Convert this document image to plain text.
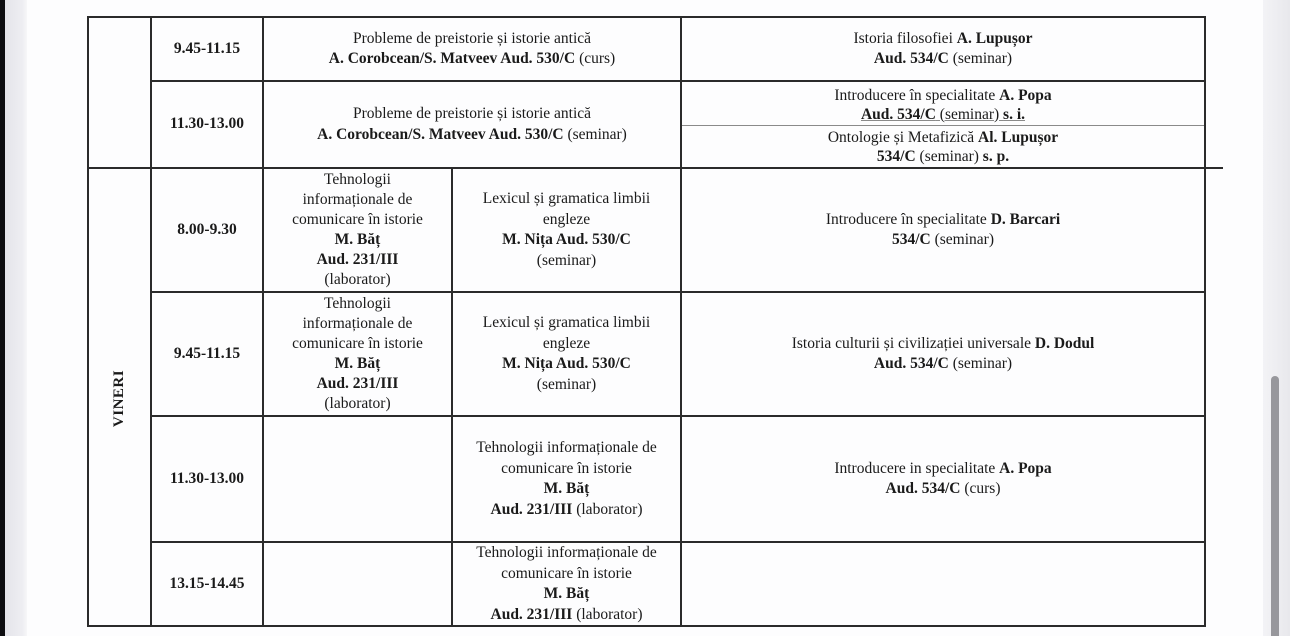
9.45-11.15
Probleme de preistorie și istorie antică
A. Corobcean/S. Matveev Aud. 530/C (curs)
Istoria filosofiei A. Lupușor
Aud. 534/C (seminar)
11.30-13.00
Probleme de preistorie și istorie antică
A. Corobcean/S. Matveev Aud. 530/C (seminar)
Introducere în specialitate A. Popa
Aud. 534/C (seminar) s. i.
Ontologie și Metafizică Al. Lupușor
534/C (seminar) s. p.
VINERI
8.00-9.30
Tehnologii
informaționale de
comunicare în istorie
M. Băț
Aud. 231/III
(laborator)
Lexicul și gramatica limbii
engleze
M. Nița Aud. 530/C
(seminar)
Introducere în specialitate D. Barcari
534/C (seminar)
9.45-11.15
Tehnologii
informaționale de
comunicare în istorie
M. Băț
Aud. 231/III
(laborator)
Lexicul și gramatica limbii
engleze
M. Nița Aud. 530/C
(seminar)
Istoria culturii și civilizației universale D. Dodul
Aud. 534/C (seminar)
11.30-13.00
Tehnologii informaționale de
comunicare în istorie
M. Băț
Aud. 231/III (laborator)
Introducere in specialitate A. Popa
Aud. 534/C (curs)
13.15-14.45
Tehnologii informaționale de
comunicare în istorie
M. Băț
Aud. 231/III (laborator)
